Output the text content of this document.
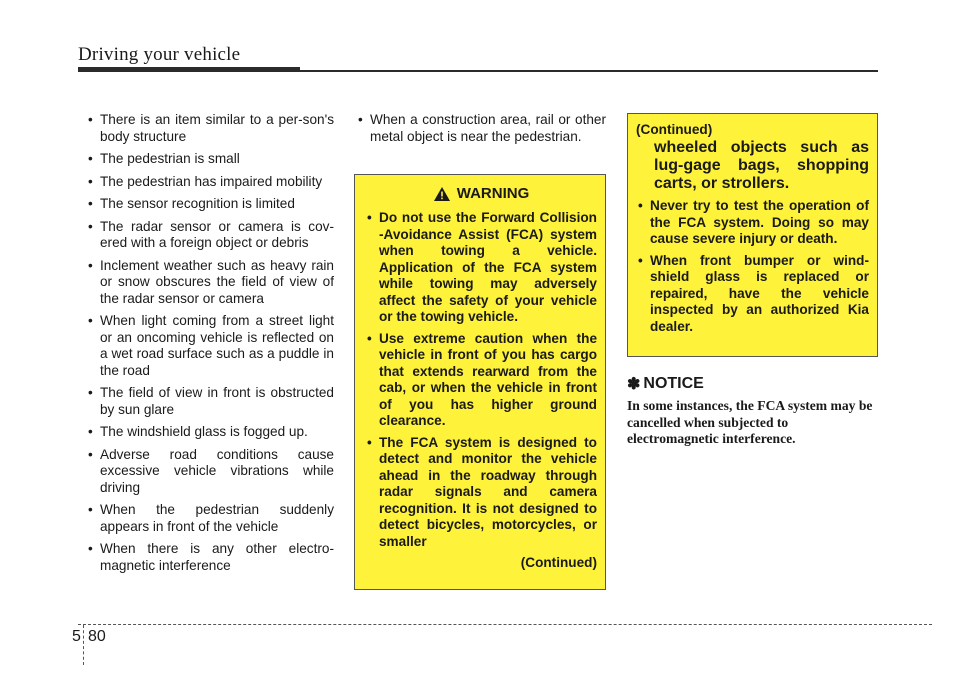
Driving your vehicle
• There is an item similar to a per-son's body structure
• The pedestrian is small
• The pedestrian has impaired mobility
• The sensor recognition is limited
• The radar sensor or camera is cov-ered with a foreign object or debris
• Inclement weather such as heavy rain or snow obscures the field of view of the radar sensor or camera
• When light coming from a street light or an oncoming vehicle is reflected on a wet road surface such as a puddle in the road
• The field of view in front is obstructed by sun glare
• The windshield glass is fogged up.
• Adverse road conditions cause excessive vehicle vibrations while driving
• When the pedestrian suddenly appears in front of the vehicle
• When there is any other electro-magnetic interference
• When a construction area, rail or other metal object is near the pedestrian.
WARNING
• Do not use the Forward Collision -Avoidance Assist (FCA) system when towing a vehicle. Application of the FCA system while towing may adversely affect the safety of your vehicle or the towing vehicle.
• Use extreme caution when the vehicle in front of you has cargo that extends rearward from the cab, or when the vehicle in front of you has higher ground clearance.
• The FCA system is designed to detect and monitor the vehicle ahead in the roadway through radar signals and camera recognition. It is not designed to detect bicycles, motorcycles, or smaller
(Continued)
(Continued)
wheeled objects such as lug-gage bags, shopping carts, or strollers.
• Never try to test the operation of the FCA system. Doing so may cause severe injury or death.
• When front bumper or wind-shield glass is replaced or repaired, have the vehicle inspected by an authorized Kia dealer.
✽ NOTICE
In some instances, the FCA system may be cancelled when subjected to electromagnetic interference.
5 80
